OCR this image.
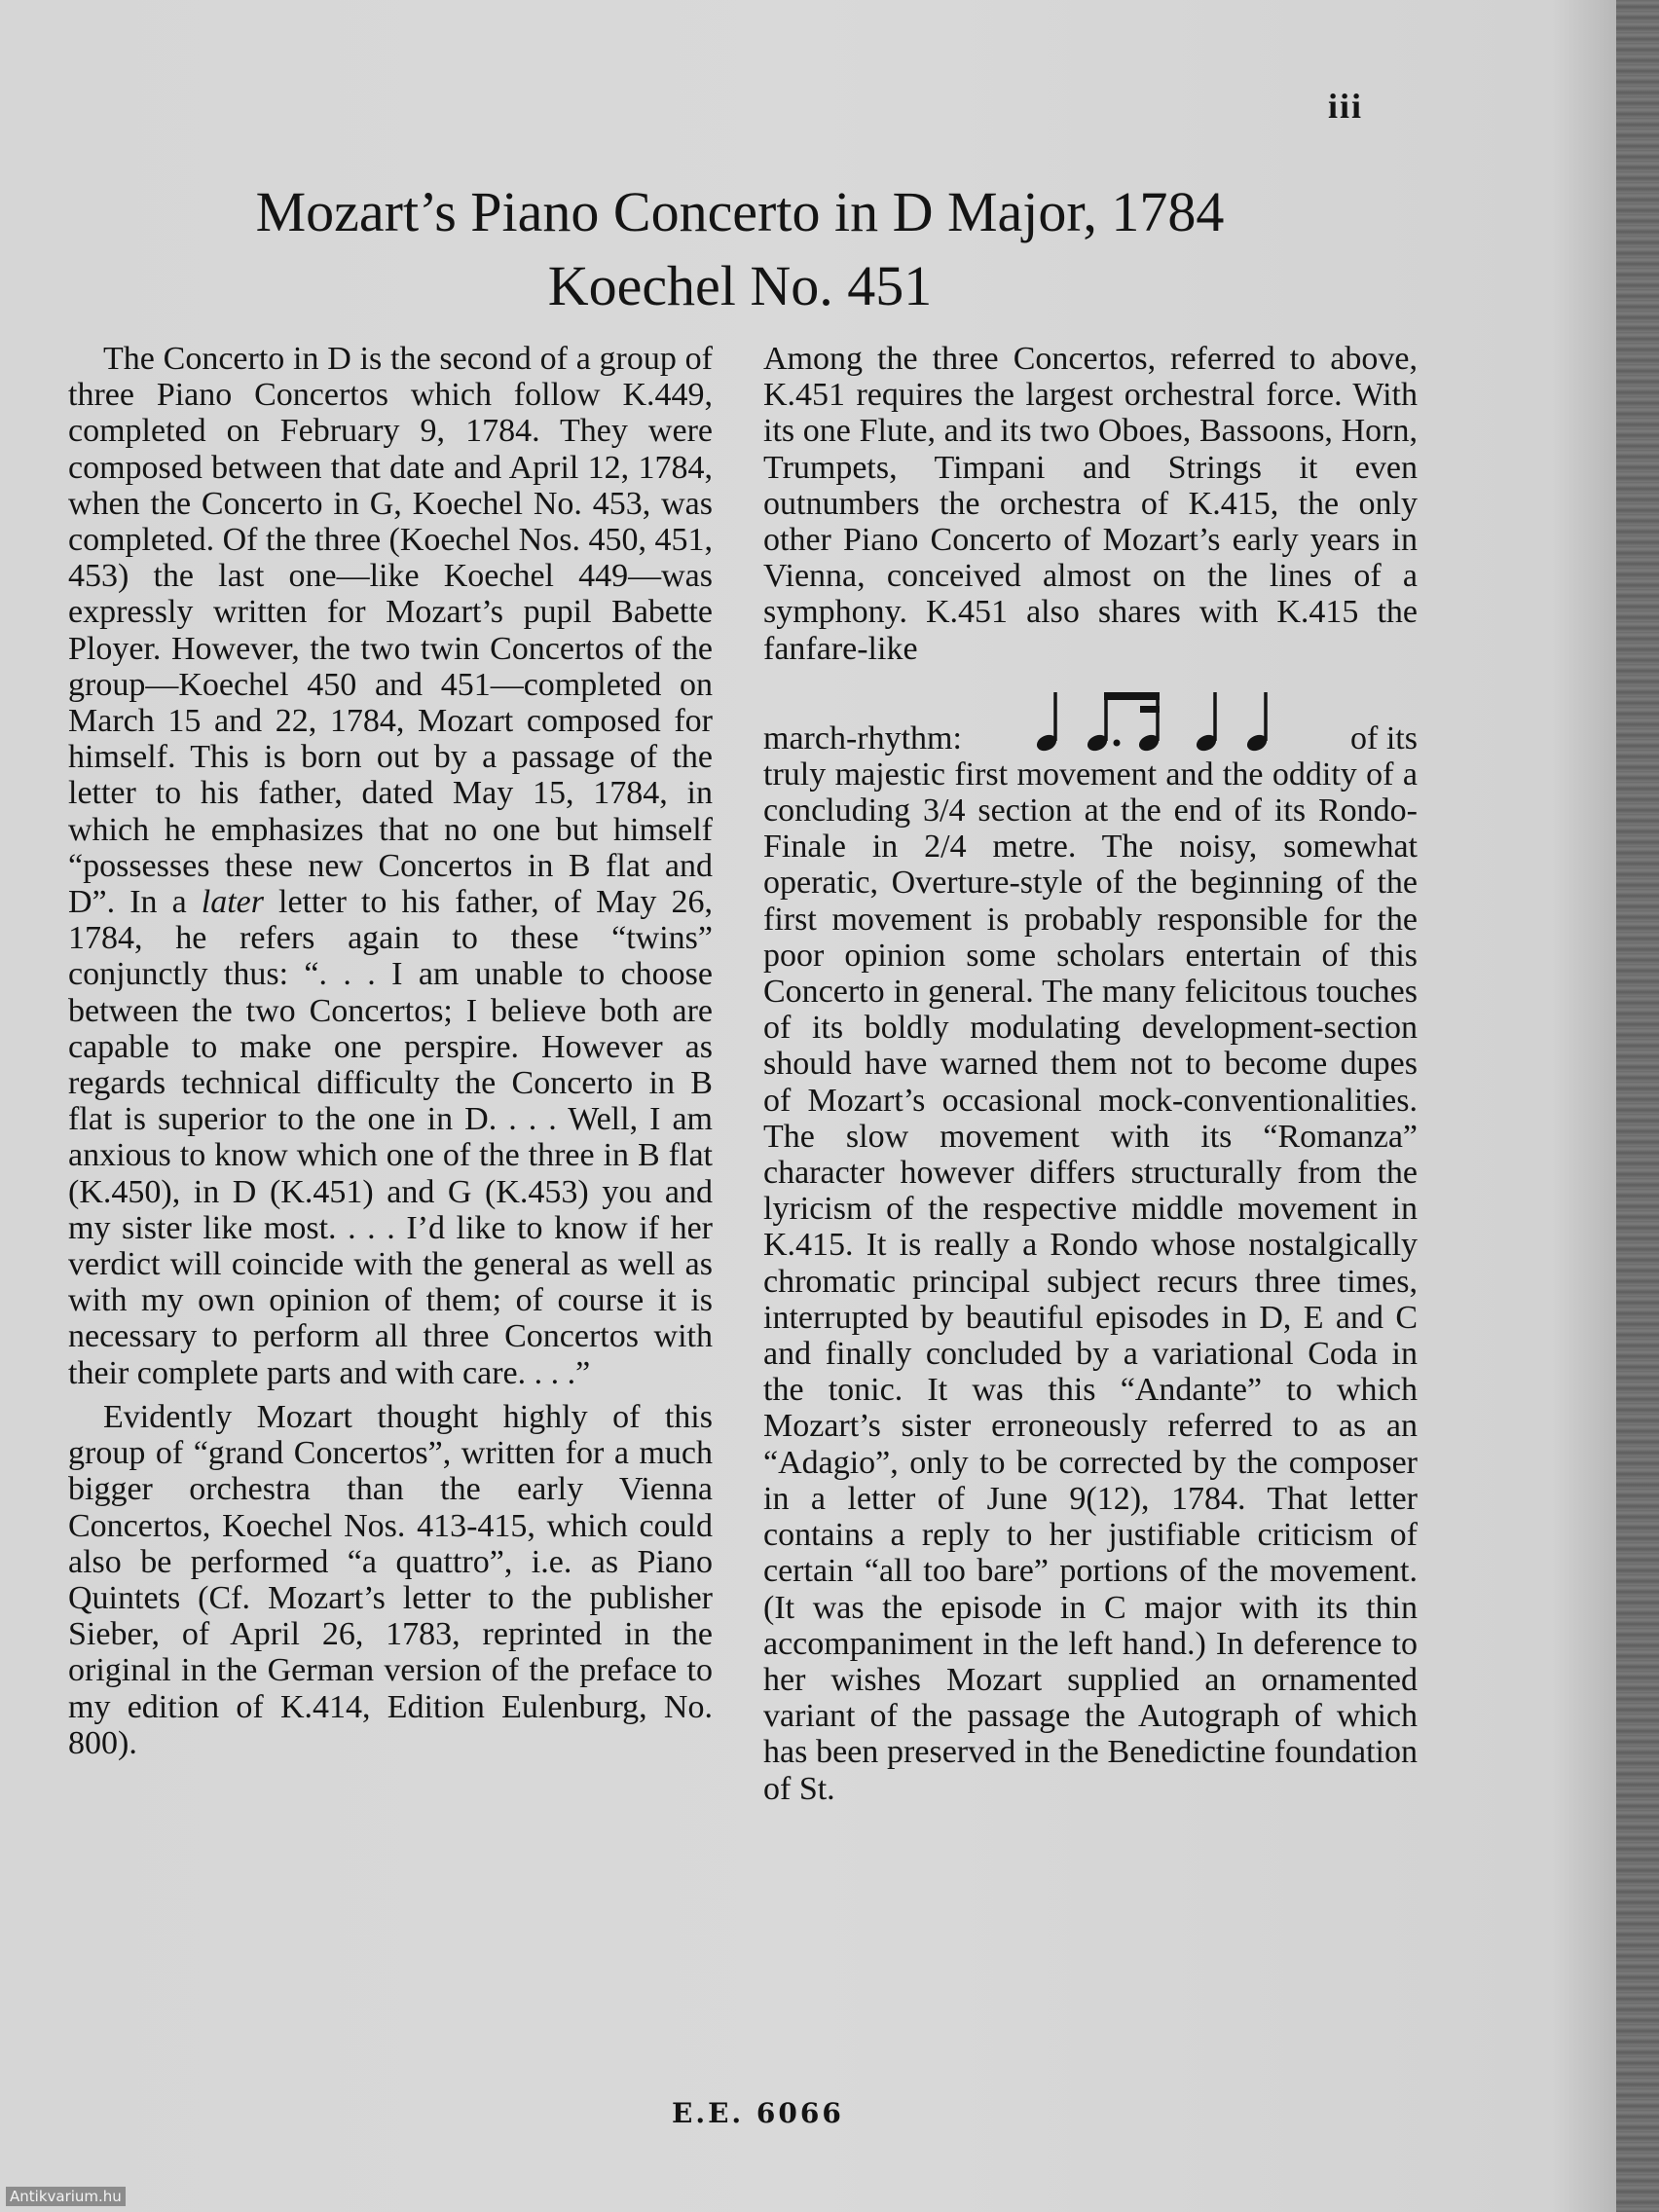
iii
Mozart’s Piano Concerto in D Major, 1784
Koechel No. 451

The Concerto in D is the second of a group of three Piano Concertos which follow K.449, completed on February 9, 1784. They were composed between that date and April 12, 1784, when the Concerto in G, Koechel No. 453, was completed. Of the three (Koechel Nos. 450, 451, 453) the last one—like Koechel 449—was expressly written for Mozart’s pupil Babette Ployer. However, the two twin Concertos of the group—Koechel 450 and 451—completed on March 15 and 22, 1784, Mozart composed for himself. This is born out by a passage of the letter to his father, dated May 15, 1784, in which he emphasizes that no one but himself “possesses these new Concertos in B flat and D”. In a later letter to his father, of May 26, 1784, he refers again to these “twins” conjunctly thus: “. . . I am unable to choose between the two Concertos; I believe both are capable to make one perspire. However as regards technical difficulty the Concerto in B flat is superior to the one in D. . . . Well, I am anxious to know which one of the three in B flat (K.450), in D (K.451) and G (K.453) you and my sister like most. . . . I’d like to know if her verdict will coincide with the general as well as with my own opinion of them; of course it is necessary to perform all three Concertos with their complete parts and with care. . . .”

Evidently Mozart thought highly of this group of “grand Concertos”, written for a much bigger orchestra than the early Vienna Concertos, Koechel Nos. 413-415, which could also be performed “a quattro”, i.e. as Piano Quintets (Cf. Mozart’s letter to the publisher Sieber, of April 26, 1783, reprinted in the original in the German version of the preface to my edition of K.414, Edition Eulenburg, No. 800).

Among the three Concertos, referred to above, K.451 requires the largest orchestral force. With its one Flute, and its two Oboes, Bassoons, Horn, Trumpets, Timpani and Strings it even outnumbers the orchestra of K.415, the only other Piano Concerto of Mozart’s early years in Vienna, conceived almost on the lines of a symphony. K.451 also shares with K.415 the fanfare-like

march-rhythm:	of its

truly majestic first movement and the oddity of a concluding 3/4 section at the end of its Rondo-Finale in 2/4 metre. The noisy, somewhat operatic, Overture-style of the beginning of the first movement is probably responsible for the poor opinion some scholars entertain of this Concerto in general. The many felicitous touches of its boldly modulating development-section should have warned them not to become dupes of Mozart’s occasional mock-conventionalities. The slow movement with its “Romanza” character however differs structurally from the lyricism of the respective middle movement in K.415. It is really a Rondo whose nostalgically chromatic principal subject recurs three times, interrupted by beautiful episodes in D, E and C and finally concluded by a variational Coda in the tonic. It was this “Andante” to which Mozart’s sister erroneously referred to as an “Adagio”, only to be corrected by the composer in a letter of June 9(12), 1784. That letter contains a reply to her justifiable criticism of certain “all too bare” portions of the movement. (It was the episode in C major with its thin accompaniment in the left hand.) In deference to her wishes Mozart supplied an ornamented variant of the passage the Autograph of which has been preserved in the Benedictine foundation of St.

E.E. 6066
Antikvarium.hu
